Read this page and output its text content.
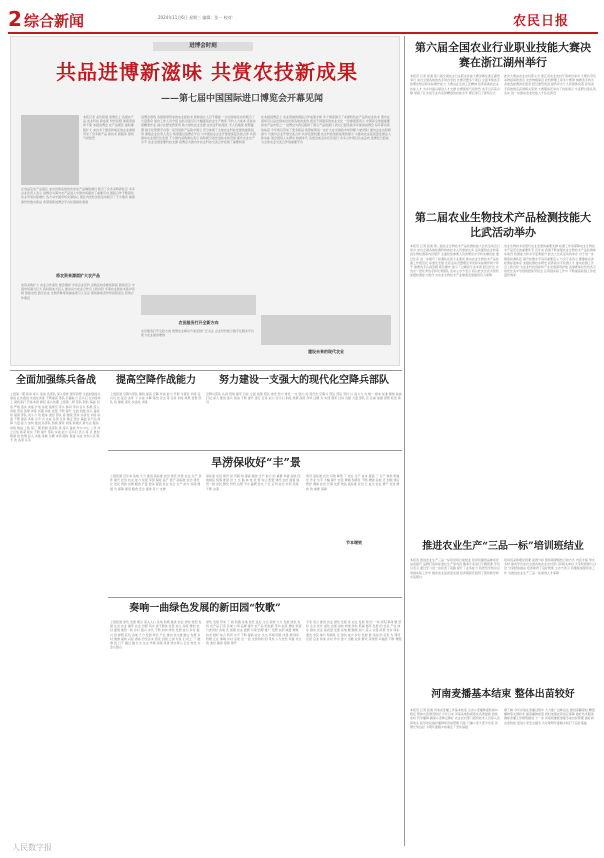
2 综合新闻	2024年11月6日 星期三 编辑：张一 校对：	农民日报
进博会时刻
共品进博新滋味 共赏农技新成果
——第七届中国国际进口博览会开幕见闻
本报记者 采访报道 进博会上 各国农产品 农业科技 新成果 纷纷亮相 参观者络绎不绝 本届进博会 农产品展区 面积继续扩大 来自多个国家和地区的企业参展 带来了众多新产品 新技术 新服务 现场气氛热烈
在食品及农产品展区 来自世界各地的优质农产品琳琅满目 吸引了众多采购商驻足 多家企业负责人表示 进博会为海外农产品进入中国市场提供了重要平台 国际合作不断深化 农业贸易持续增长 各方对中国市场充满信心 展区内试吃试饮活动吸引了不少观众 参展商纷纷推出新品 希望借助进博会平台拓展销售渠道
将农资来源面扩大农产品
农资采购扩大 农业合作深化 展会期间 多家企业签约 采购意向金额创新高 展商表示 中国市场潜力巨大 将持续加大投入 推动双方农业合作迈上新台阶 多项农业新技术集中亮相 智能农机 数字农业 生物育种等领域成果引人关注 现场参观者纷纷拍照留念 咨询合作事宜
进博会现场 各国展商带来的农业新技术 新装备让人目不暇接 一台台智能化农机吸引了大量观众 展台工作人员介绍 这些设备可以大幅提高农业生产效率 节约人力成本 还能实现精准作业 减少化肥农药使用 助力绿色农业发展 在农业科技展区 无人机植保 智慧灌溉 数字化管理平台等一系列创新产品集中展示 充分体现了全球农业科技发展的最新趋势 参展企业负责人表示 希望通过进博会平台 与中国农业企业开展更深层次的合作 共同推动农业现代化发展 不少国内采购商也表示 将积极引进先进技术和设备 提升农业生产水平 农业发展需要科技支撑 进博会为国内外农业科技交流合作搭建了重要桥梁
农田服务打开全新方向
农田服务打开全新方向 智慧农业解决方案受到广泛关注 企业纷纷展示数字化服务平台 助力农业提质增效
在本届进博会上 农业领域的国际合作成果丰硕 多个国家展示了本国特色农产品和农业技术 观众在现场可以品尝到来自世界各地的美食 感受不同国家的农业文化 一位参展商表示 中国是全球最重要的农产品市场之一 进博会为我们提供了展示产品的窗口 我们已经连续多年参加进博会 每年都有新的收获 今年我们带来了更多新品 希望能够进一步扩大在中国的市场份额 与此同时 国内企业也积极参与 与国外企业开展交流合作 共享发展机遇 农业科技创新成果的展示 为推动农业高质量发展注入新动能 展会现场人头攒动 热闹非凡 各类洽谈活动有序进行 众多合作项目达成意向 进博会已经成为全球农业交流合作的重要平台
建设未来的现代农业
第六届全国农业行业职业技能大赛决赛在浙江湖州举行
本报讯 记者 报道 第六届全国农业行业职业技能大赛决赛在浙江湖州举行 来自全国各地的选手同台竞技 比赛设置多个项目 全面考察选手的理论知识和实际操作能力 大赛旨在弘扬工匠精神 培养高素质农业技能人才 为乡村振兴提供人才支撑 比赛现场气氛热烈 选手们沉着冷静 展现了扎实的专业功底和精湛的技能水平 赛后举行了颁奖仪式
此次大赛由农业农村部主办 浙江省农业农村厅等单位承办 大赛共设有动物疫病防治员 农作物植保员 农机修理工等多个赛项 参赛选手均为各地选拔赛的优胜者 经过激烈角逐 最终评出个人和团体奖项 获奖选手将按规定获得相关荣誉 大赛期间还举办了技能展示 交流研讨等系列活动 进一步推动农业技能人才队伍建设
第二届农业生物技术产品检测技能大比武活动举办
本报讯 记者 报道 第二届农业生物技术产品检测技能大比武活动近日举办 来自全国各地检测机构的技术人员参加比武 活动围绕农业转基因生物检测等内容展开 全面检验参赛人员的理论水平和实操技能 通过比武 进一步提升了检测队伍的专业素质 推动农业生物技术产品检测工作规范化 标准化发展 比武活动设置理论考试和实际操作两个环节 参赛选手认真答题 规范操作 展示了过硬的专业本领 经过评比 评选出一批优秀选手和优秀团队 活动主办方表示 将以此次比武为契机 加强检测能力建设 为农业生物技术产业健康发展提供有力保障
农业生物技术是现代农业发展的重要支撑 检测工作是保障农业生物技术产品安全的重要环节 近年来 我国不断加强农业生物技术产品检测体系建设 检测能力和水平显著提升 此次大比武活动的举办 对于进一步锻炼检测队伍 提升检测水平具有重要意义 与会专家表示 要继续完善检测标准体系 加强检测技术研发 培养高水平检测人才 推动检测工作迈上新台阶 为农业科技创新和产业发展保驾护航 各参赛单位纷纷表示 将把比武中学到的经验带回去 应用到实际工作中 不断提高检测工作质量和效率
推进农业生产“三品一标”培训班结业
本报讯 推进农业生产三品一标培训班日前结业 培训班围绕品种培优 品质提升 品牌打造和标准化生产等内容 邀请专家进行专题授课 学员们表示 通过学习进一步拓宽了思路 提升了业务能力 将把所学知识运用到实际工作中 推动农业高质量发展 培训期间还组织了现场教学和交流研讨
培训班采取理论授课 案例分析 现场观摩相结合的方式 内容丰富 形式多样 参训学员来自全国各地农业农村部门和相关单位 大家积极参与讨论 分享经验做法 培训取得了良好效果 主办方表示 将继续加强培训工作 为推进农业生产三品一标提供人才保障
河南麦播基本结束 整体出苗较好
本报讯 记者 报道 河南省麦播工作基本结束 全省小麦播种面积保持稳定 整体出苗情况较好 今年以来 河南各地积极落实各项措施 抢抓农时 科学播种 确保小麦种足种好 农业农村部门组织技术人员深入田间地头 指导农民做好播种和田间管理 目前 已播小麦大部分出苗 苗情长势良好 为明年夏粮丰收奠定了坚实基础
据了解 今年河南在麦播过程中 大力推广良种良法 推进深翻深松 精量播种等关键技术 提高播种质量 同时加强农资供应保障 做好技术服务 确保麦播工作顺利推进 下一步 河南将继续加强冬前田间管理 做好病虫害防控 促进小麦安全越冬 为夺取明年夏粮丰收打下良好基础
全面加强练兵备战	提高空降作战能力	努力建设一支强大的现代化空降兵部队
上级第一期 新训 练兵 备战 各部队 深入贯彻 强军思想 全面加强练兵备战 扎实推进 实战化训练 不断提高 部队 打赢能力 官兵们 在训练场上 摸爬滚打 苦练本领 掀起 练兵热潮 上级第二期 部队 狠抓 基础 训练 严格 落实 训练 计划 各级 指挥员 带头 参训 带动 官兵 积极 投入 训练 营造 浓厚 训练 氛围 训练 质量 不断 提升 全面 加强 练兵 备战 是 提高 部队 战斗力 的 根本 途径 部队 将 继续 坚持 实战化 训练 标准 不断 提高 训练 水平 为 完成 各项 任务 奠定 坚实 基础 农产品 保障 力量 能力 加快 推进 各部队 积极 探索 训练 新模式 新方法 提高 训练 效益 上级 第三 期 新闻 各部队 将 练兵 备战 作为 中心 工作 持之以恒 抓紧 抓实 不断 提升 部队 实战 能力 官兵们 表示 将 以 更加 饱满 的 热情 投入 训练 练就 过硬 本领 随时 准备 完成 党和人民 赋予 的 各项 任务
上级报道 空降兵部队 围绕 提高 空降 作战 能力 开展 多课目 训练 官兵们 在 复杂 条件 下 完成 伞降 集结 突击 等 任务 训练 效果 显著 部队 将 继续 深化 实战化 训练
空降兵部队 认真 贯彻 强军 目标 全面 加强 部队 建设 努力 建设 一支 强大 的 现代化 空降兵 部队 部队 坚持 以 战斗力 为 唯一 根本 标准 聚焦 备战 打仗 深入 推进 练兵 备战 不断 提升 遂行 任务 能力 官兵们 训练 热情 高涨 作风 过硬 为 实现 强军 目标 贡献 力量 部队 还 注重 加强 思想 政治 建设
旱涝保收好“丰”景
上级报道 近年来 各地 大力 推进 高标准 农田 建设 改善 农业 生产 条件 提升 农田 抗灾 能力 实现 旱涝 保收 高产 稳产 高标准 农田 建设 让 农民 得到 实惠 粮食 产量 稳步 提高 农业 综合 生产 能力 持续 增强 为 保障 国家 粮食 安全 提供 有力 支撑
高标准 农田 建设 是 巩固 和 提高 粮食 生产 能力 的 重要 举措 各地 因地制宜 统筹 推进 田 土 水 路 林 电 技 管 综合 配套 建设 农田 面貌 焕然一新 农民 群众 纷纷 点赞 节水 灌溉 技术 广泛 应用 农田 水利 设施 不断 完善
节本增效
建设 高标准 农田 有效 降低 了 农业 生产 成本 提高 了 生产 效率 机械化 作业 水平 大幅 提升 农民 种粮 积极性 不断 增强 各地 还 加强 建后 管护 确保 农田 长期 发挥 效益 高标准 农田 已 成为 农业 增产 农民 增收 的 重要 保障
奏响一曲绿色发展的新田园“牧歌”
上级报道 绿色 发展 理念 深入人心 各地 积极 推进 农业 绿色 转型 发展 生态 农业 循环 农业 田园 风光 美不胜收 农民 收入 持续 增加 农村 面貌 焕然一新 乡村 振兴 步伐 不断 加快 绿色 发展 成为 乡村 振兴 的 鲜明 底色 各地 大力 发展 特色 产业 推动 农文旅 融合 发展 乡村 旅游 蓬勃 兴起 游客 纷至沓来 感受 田园 之美 村民 们 吃上 了 旅游 饭 日子 越过 越 红火 生态 环境 持续 改善 绿水青山 正在 转化 为 金山银山
绿色 发展 带来 了 新 机遇 各地 依托 良好 生态 资源 大力 发展 绿色 有机 农产品 打造 区域 公用 品牌 提升 农产品 附加值 带动 农民 增收 致富 与此同时 各地 还 加强 农业 面源 污染 治理 推广 化肥 农药 减量 增效 技术 秸秆 综合 利用 水平 不断 提高 农业 生态 环境 明显 改善 新田园 牧歌 正在 奏响 乡村 呈现 出 一派 生机勃勃 的 景象 人与自然 和谐 共生 的 美好 画卷 徐徐 展开
专家 表示 推进 农业 绿色 发展 是 农业 发展 观 的 一场 深刻 革命 要 坚持 生态 优先 绿色 发展 加快 构建 绿色 低碳 循环 发展 的 农业 产业 体系 推动 农业 高质量 发展 各地 要 继续 加大 投入 完善 政策 支持 体系 激发 农民 参与 积极性 让 绿色 成为 乡村 发展 最 亮丽 的 底色 为 建设 宜居 宜业 和美 乡村 作出 更大 贡献 农民 群众 获得感 幸福感 不断 增强
人民数字报
